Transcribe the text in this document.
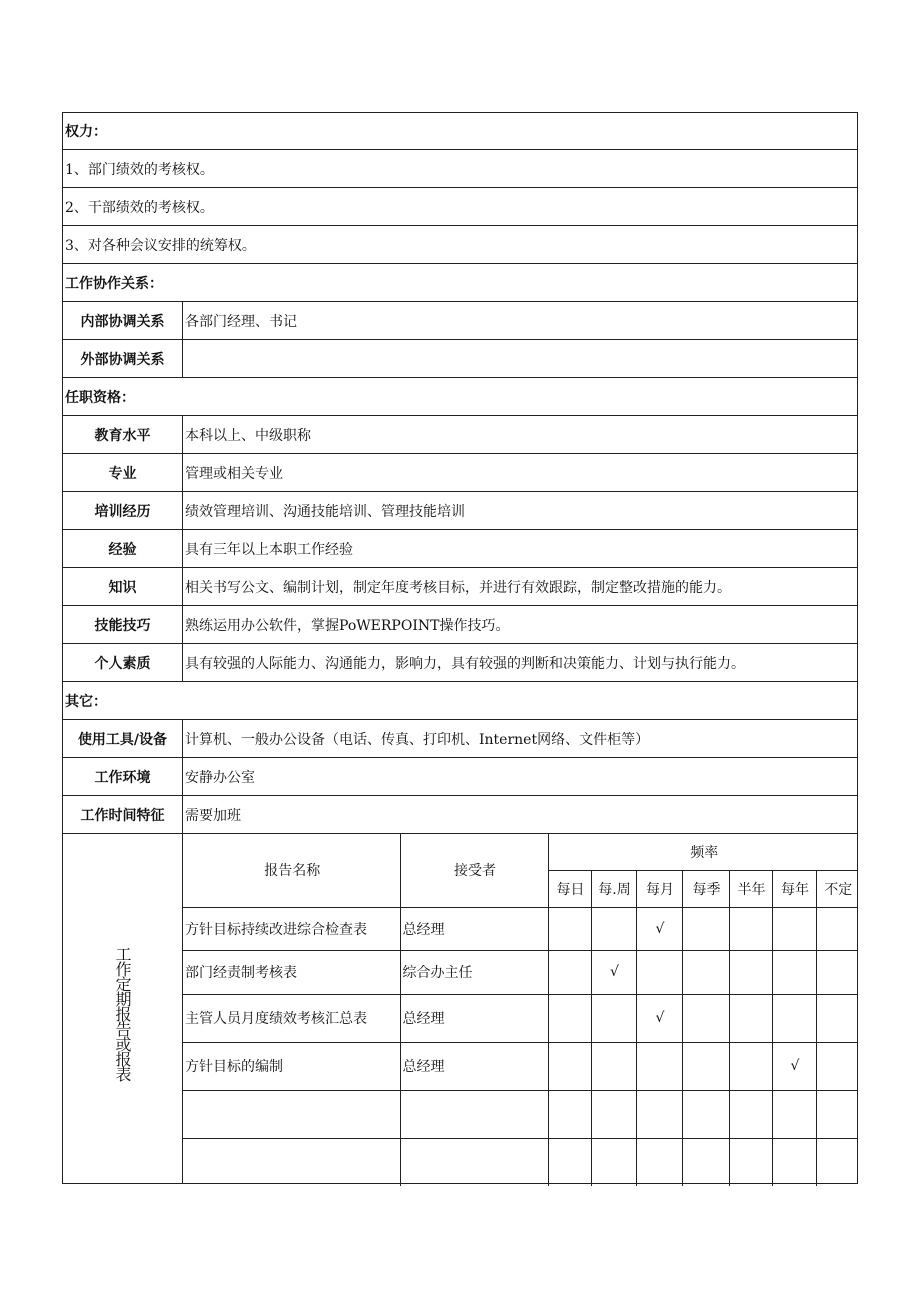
权力：
1、部门绩效的考核权。
2、干部绩效的考核权。
3、对各种会议安排的统筹权。
工作协作关系：
内部协调关系	各部门经理、书记
外部协调关系
任职资格：
教育水平	本科以上、中级职称
专业	管理或相关专业
培训经历	绩效管理培训、沟通技能培训、管理技能培训
经验	具有三年以上本职工作经验
知识	相关书写公文、编制计划，制定年度考核目标，并进行有效跟踪，制定整改措施的能力。
技能技巧	熟练运用办公软件，掌握PoWERPOINT操作技巧。
个人素质	具有较强的人际能力、沟通能力，影响力，具有较强的判断和决策能力、计划与执行能力。
其它：
使用工具/设备	计算机、一般办公设备（电话、传真、打印机、Internet网络、文件柜等）
工作环境	安静办公室
工作时间特征	需要加班
工作定期报告或报表
报告名称	接受者	频率						
		每日	每.周	每月	每季	半年	每年	不定
方针目标持续改进综合检查表	总经理			√				
部门经责制考核表	综合办主任		√					
主管人员月度绩效考核汇总表	总经理			√				
方针目标的编制	总经理						√	
